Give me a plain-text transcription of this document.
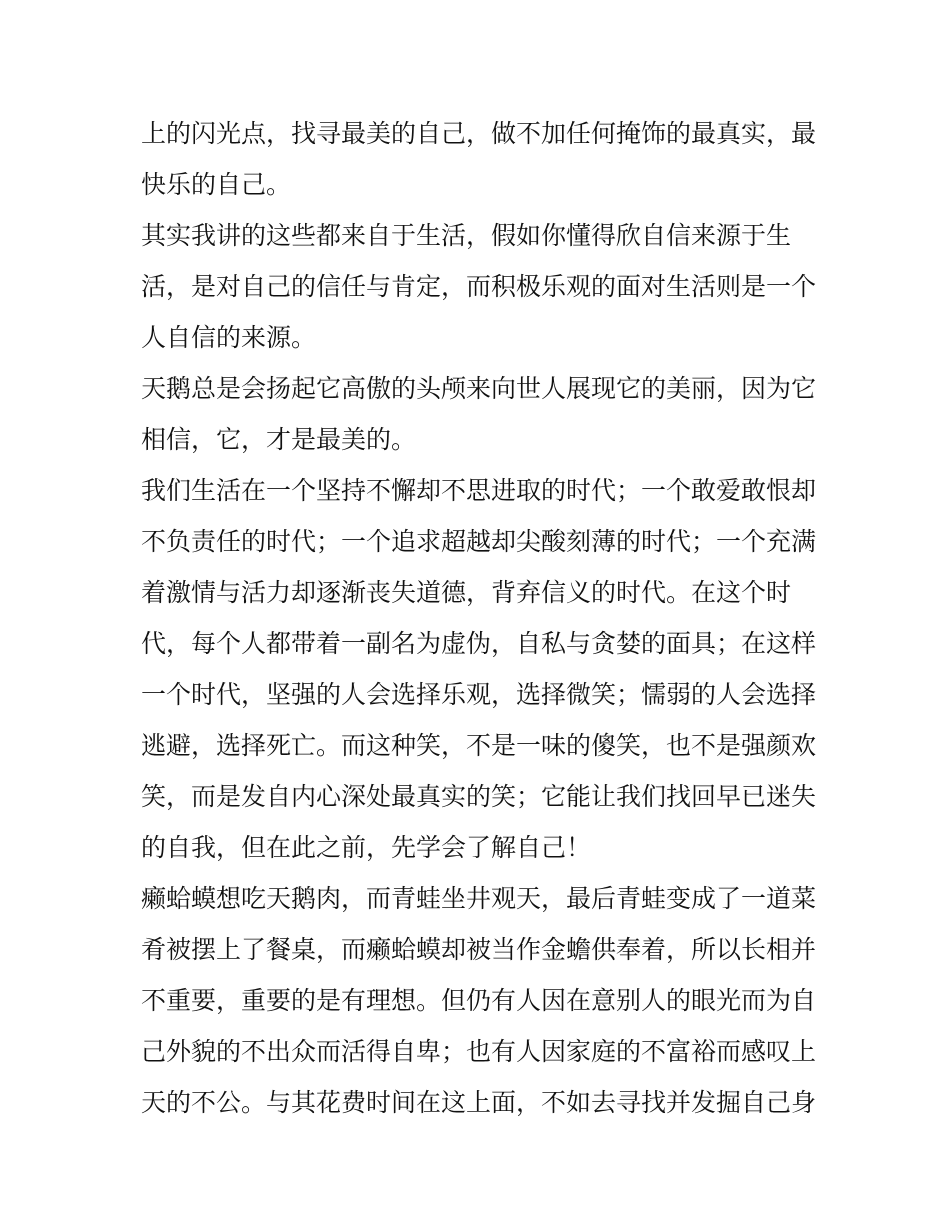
上的闪光点，找寻最美的自己，做不加任何掩饰的最真实，最
快乐的自己。
其实我讲的这些都来自于生活，假如你懂得欣自信来源于生
活，是对自己的信任与肯定，而积极乐观的面对生活则是一个
人自信的来源。
天鹅总是会扬起它高傲的头颅来向世人展现它的美丽，因为它
相信，它，才是最美的。
我们生活在一个坚持不懈却不思进取的时代；一个敢爱敢恨却
不负责任的时代；一个追求超越却尖酸刻薄的时代；一个充满
着激情与活力却逐渐丧失道德，背弃信义的时代。在这个时
代，每个人都带着一副名为虚伪，自私与贪婪的面具；在这样
一个时代，坚强的人会选择乐观，选择微笑；懦弱的人会选择
逃避，选择死亡。而这种笑，不是一味的傻笑，也不是强颜欢
笑，而是发自内心深处最真实的笑；它能让我们找回早已迷失
的自我，但在此之前，先学会了解自己！
癞蛤蟆想吃天鹅肉，而青蛙坐井观天，最后青蛙变成了一道菜
肴被摆上了餐桌，而癞蛤蟆却被当作金蟾供奉着，所以长相并
不重要，重要的是有理想。但仍有人因在意别人的眼光而为自
己外貌的不出众而活得自卑；也有人因家庭的不富裕而感叹上
天的不公。与其花费时间在这上面，不如去寻找并发掘自己身
